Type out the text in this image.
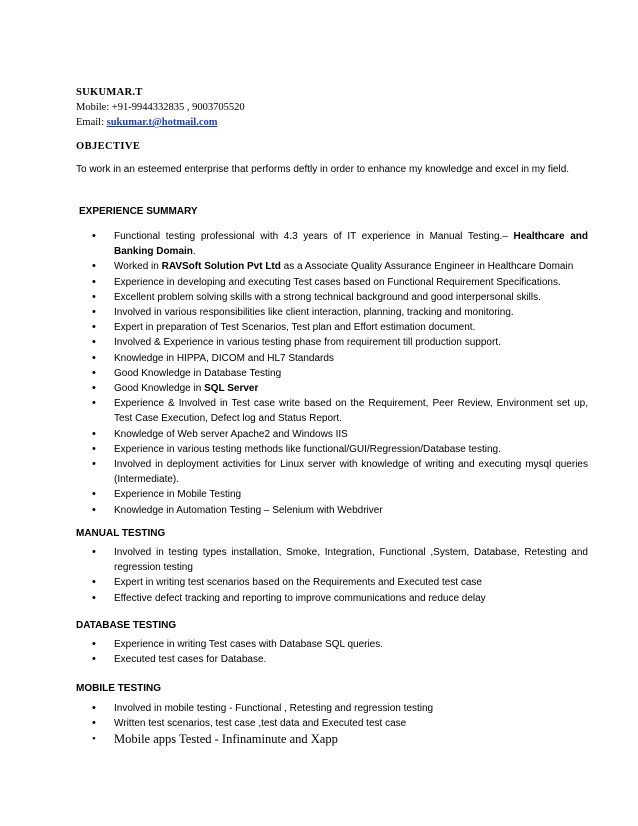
SUKUMAR.T
Mobile: +91-9944332835 , 9003705520
Email: sukumar.t@hotmail.com
OBJECTIVE
To work in an esteemed enterprise that performs deftly in order to enhance my knowledge and excel in my field.
EXPERIENCE SUMMARY
• Functional testing professional with 4.3 years of IT experience in Manual Testing.– Healthcare and Banking Domain.
• Worked in RAVSoft Solution Pvt Ltd as a Associate Quality Assurance Engineer in Healthcare Domain
• Experience in developing and executing Test cases based on Functional Requirement Specifications.
• Excellent problem solving skills with a strong technical background and good interpersonal skills.
• Involved in various responsibilities like client interaction, planning, tracking and monitoring.
• Expert in preparation of Test Scenarios, Test plan and Effort estimation document.
• Involved & Experience in various testing phase from requirement till production support.
• Knowledge in HIPPA, DICOM and HL7 Standards
• Good Knowledge in Database Testing
• Good Knowledge in SQL Server
• Experience & Involved in Test case write based on the Requirement, Peer Review, Environment set up, Test Case Execution, Defect log and Status Report.
• Knowledge of Web server Apache2 and Windows IIS
• Experience in various testing methods like functional/GUI/Regression/Database testing.
• Involved in deployment activities for Linux server with knowledge of writing and executing mysql queries (Intermediate).
• Experience in Mobile Testing
• Knowledge in Automation Testing – Selenium with Webdriver
MANUAL TESTING
• Involved in testing types installation, Smoke, Integration, Functional ,System, Database, Retesting and regression testing
• Expert in writing test scenarios based on the Requirements and Executed test case
• Effective defect tracking and reporting to improve communications and reduce delay
DATABASE TESTING
• Experience in writing Test cases with Database SQL queries.
• Executed test cases for Database.
MOBILE TESTING
• Involved in mobile testing - Functional , Retesting and regression testing
• Written test scenarios, test case ,test data and Executed test case
• Mobile apps Tested - Infinaminute and Xapp
